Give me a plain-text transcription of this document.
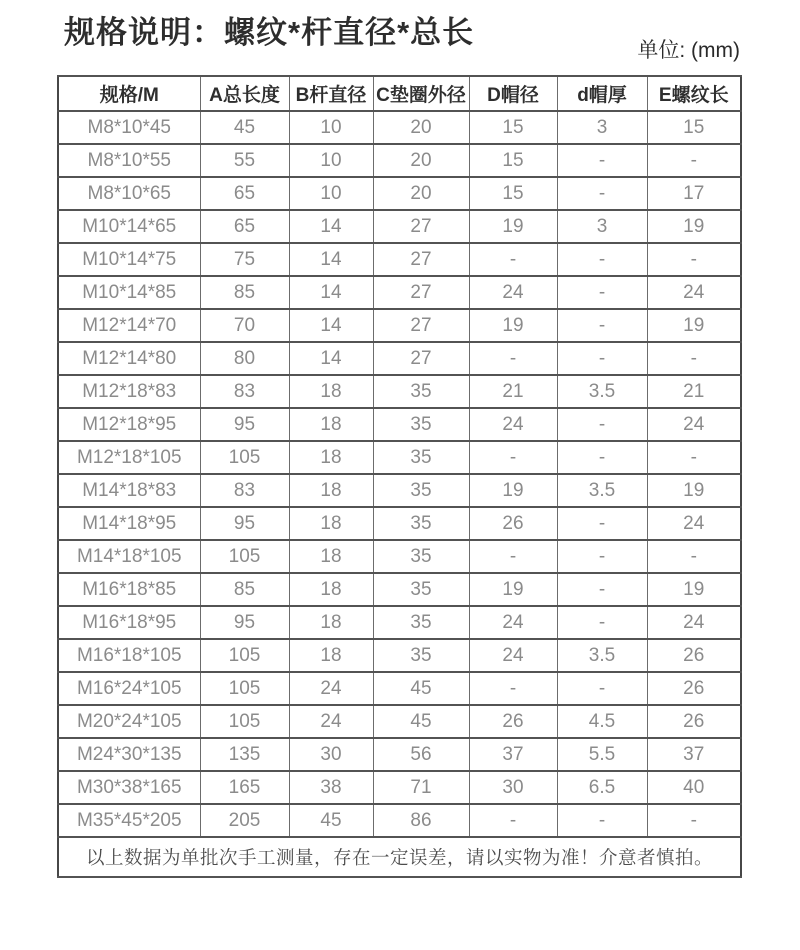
规格说明：螺纹*杆直径*总长
单位: (mm)
规格/M	A总长度	B杆直径	C垫圈外径	D帽径	d帽厚	E螺纹长
M8*10*45	45	10	20	15	3	15
M8*10*55	55	10	20	15	-	-
M8*10*65	65	10	20	15	-	17
M10*14*65	65	14	27	19	3	19
M10*14*75	75	14	27	-	-	-
M10*14*85	85	14	27	24	-	24
M12*14*70	70	14	27	19	-	19
M12*14*80	80	14	27	-	-	-
M12*18*83	83	18	35	21	3.5	21
M12*18*95	95	18	35	24	-	24
M12*18*105	105	18	35	-	-	-
M14*18*83	83	18	35	19	3.5	19
M14*18*95	95	18	35	26	-	24
M14*18*105	105	18	35	-	-	-
M16*18*85	85	18	35	19	-	19
M16*18*95	95	18	35	24	-	24
M16*18*105	105	18	35	24	3.5	26
M16*24*105	105	24	45	-	-	26
M20*24*105	105	24	45	26	4.5	26
M24*30*135	135	30	56	37	5.5	37
M30*38*165	165	38	71	30	6.5	40
M35*45*205	205	45	86	-	-	-
以上数据为单批次手工测量，存在一定误差，请以实物为准！介意者慎拍。						
